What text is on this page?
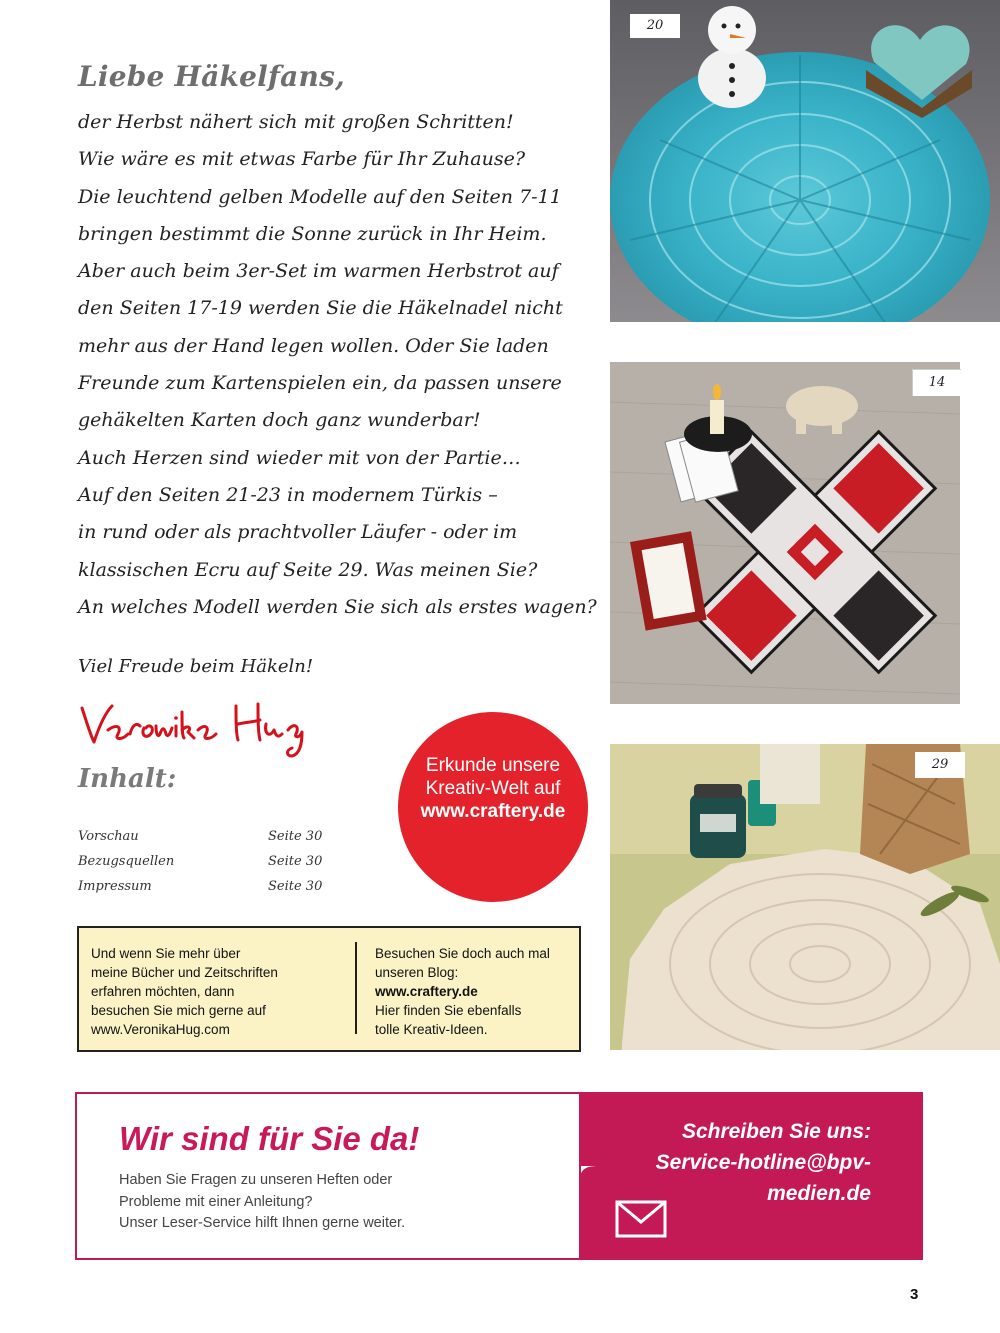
Liebe Häkelfans,
der Herbst nähert sich mit großen Schritten!
Wie wäre es mit etwas Farbe für Ihr Zuhause?
Die leuchtend gelben Modelle auf den Seiten 7-11
bringen bestimmt die Sonne zurück in Ihr Heim.
Aber auch beim 3er-Set im warmen Herbstrot auf
den Seiten 17-19 werden Sie die Häkelnadel nicht
mehr aus der Hand legen wollen. Oder Sie laden
Freunde zum Kartenspielen ein, da passen unsere
gehäkelten Karten doch ganz wunderbar!
Auch Herzen sind wieder mit von der Partie…
Auf den Seiten 21-23 in modernem Türkis –
in rund oder als prachtvoller Läufer - oder im
klassischen Ecru auf Seite 29. Was meinen Sie?
An welches Modell werden Sie sich als erstes wagen?
Viel Freude beim Häkeln!
Inhalt:
Vorschau	Seite 30
Bezugsquellen	Seite 30
Impressum	Seite 30
Erkunde unsere
Kreativ-Welt auf
www.craftery.de
Und wenn Sie mehr über
meine Bücher und Zeitschriften
erfahren möchten, dann
besuchen Sie mich gerne auf
www.VeronikaHug.com
Besuchen Sie doch auch mal
unseren Blog:
www.craftery.de
Hier finden Sie ebenfalls
tolle Kreativ-Ideen.
20
14
29
Wir sind für Sie da!
Haben Sie Fragen zu unseren Heften oder
Probleme mit einer Anleitung?
Unser Leser-Service hilft Ihnen gerne weiter.
Schreiben Sie uns:
Service-hotline@bpv-
medien.de
3
